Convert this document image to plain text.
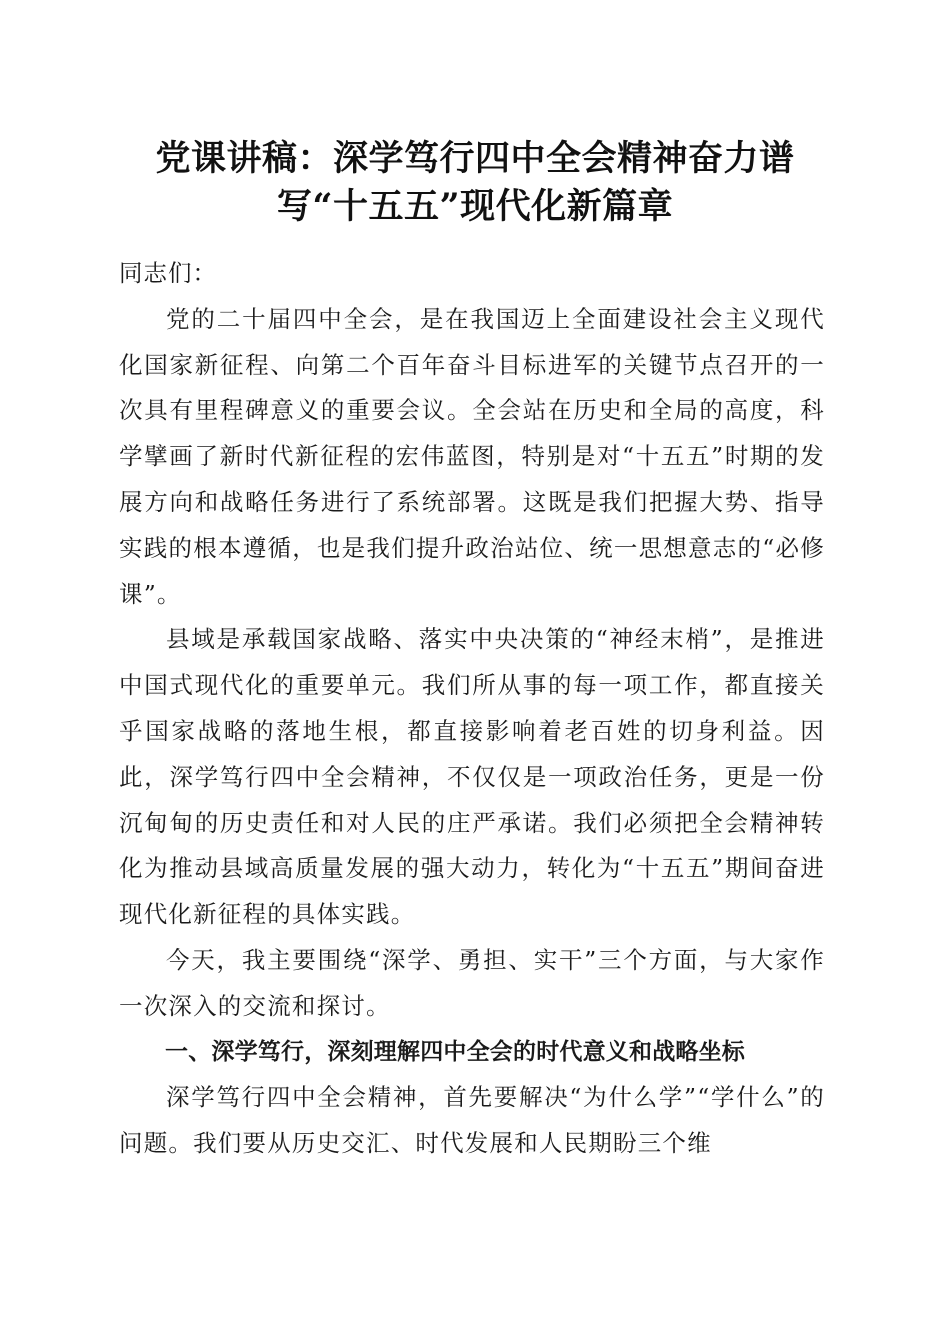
党课讲稿：深学笃行四中全会精神奋力谱
写“十五五”现代化新篇章

同志们：

党的二十届四中全会，是在我国迈上全面建设社会主义现代化国家新征程、向第二个百年奋斗目标进军的关键节点召开的一次具有里程碑意义的重要会议。全会站在历史和全局的高度，科学擘画了新时代新征程的宏伟蓝图，特别是对“十五五”时期的发展方向和战略任务进行了系统部署。这既是我们把握大势、指导实践的根本遵循，也是我们提升政治站位、统一思想意志的“必修课”。

县域是承载国家战略、落实中央决策的“神经末梢”，是推进中国式现代化的重要单元。我们所从事的每一项工作，都直接关乎国家战略的落地生根，都直接影响着老百姓的切身利益。因此，深学笃行四中全会精神，不仅仅是一项政治任务，更是一份沉甸甸的历史责任和对人民的庄严承诺。我们必须把全会精神转化为推动县域高质量发展的强大动力，转化为“十五五”期间奋进现代化新征程的具体实践。

今天，我主要围绕“深学、勇担、实干”三个方面，与大家作一次深入的交流和探讨。

一、深学笃行，深刻理解四中全会的时代意义和战略坐标

深学笃行四中全会精神，首先要解决“为什么学”“学什么”的问题。我们要从历史交汇、时代发展和人民期盼三个维
